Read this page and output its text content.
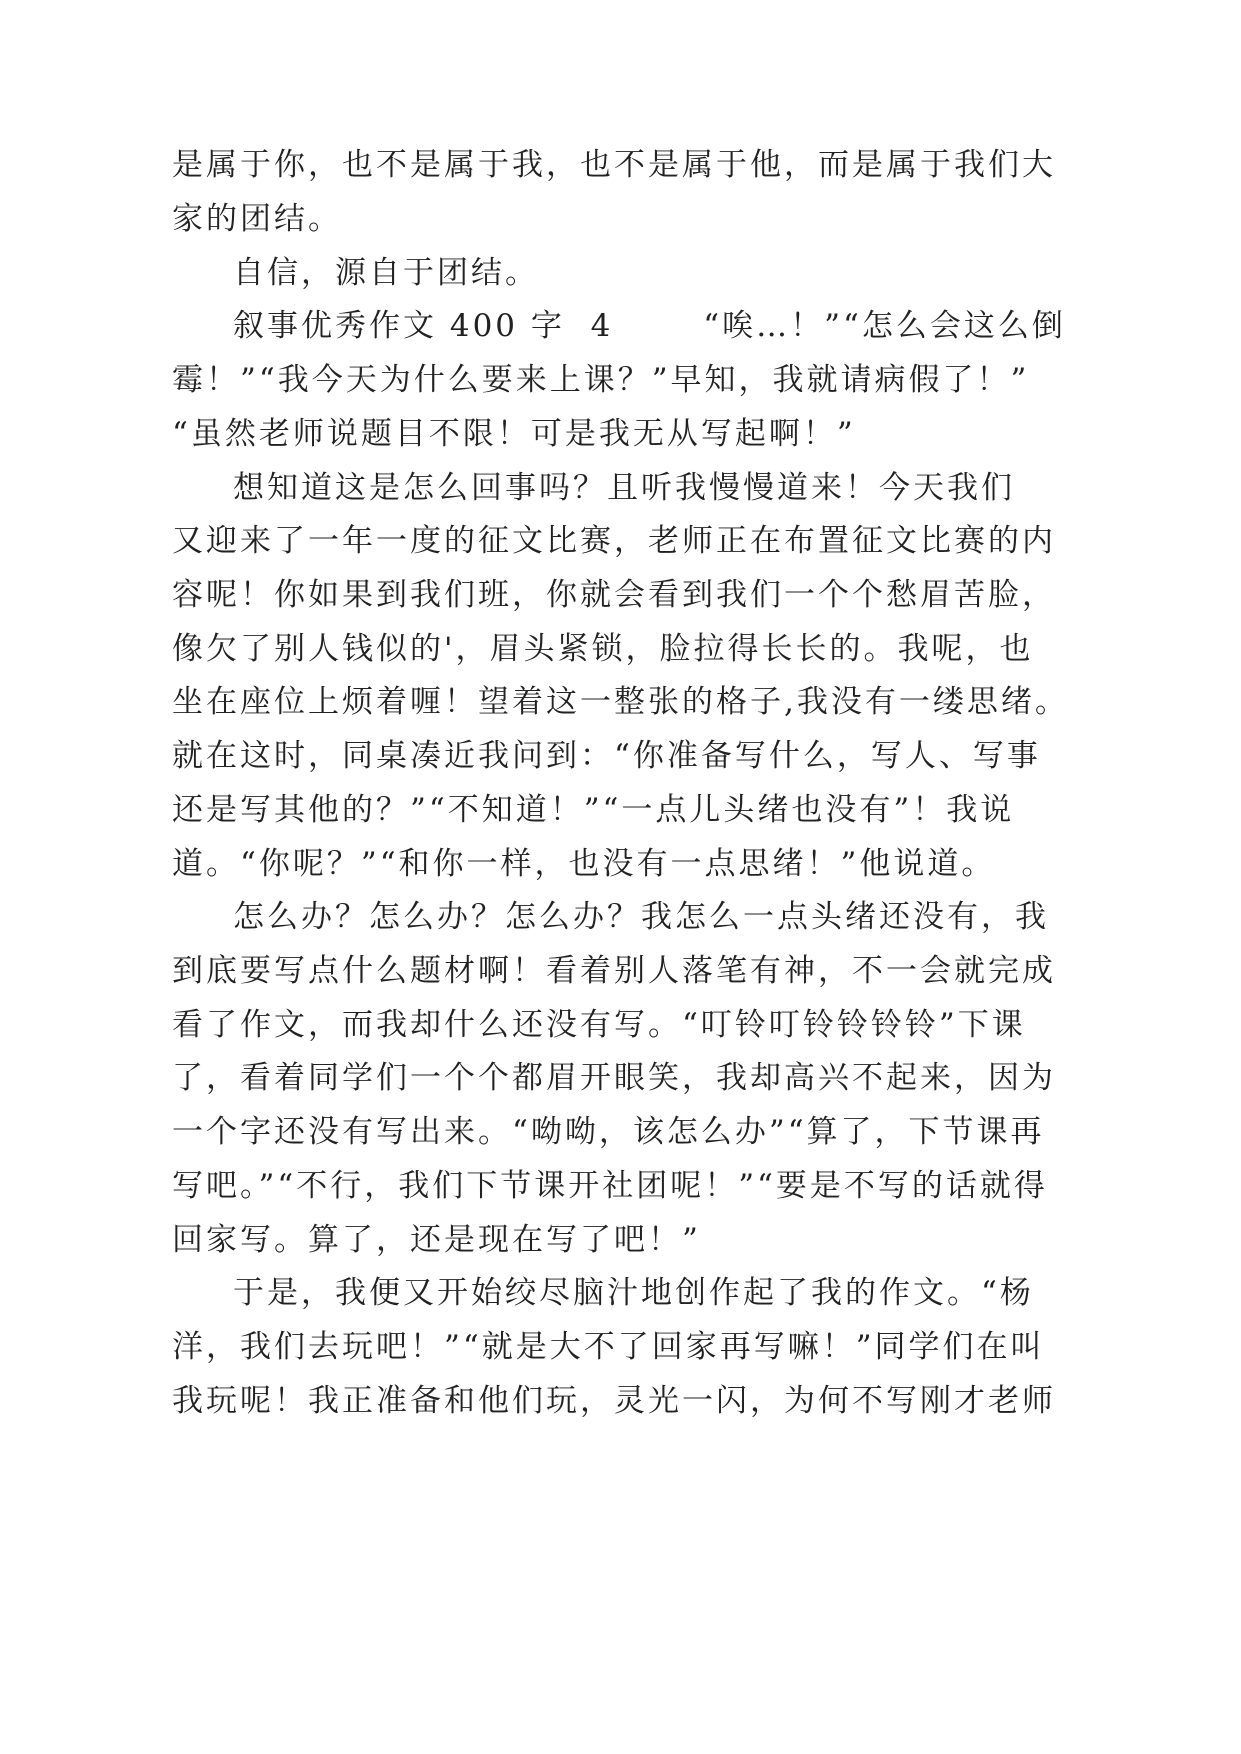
是属于你，也不是属于我，也不是属于他，而是属于我们大
家的团结。
自信，源自于团结。
叙事优秀作文 400 字  4       “唉…！”“怎么会这么倒
霉！”“我今天为什么要来上课？”早知，我就请病假了！”
“虽然老师说题目不限！可是我无从写起啊！”
想知道这是怎么回事吗？且听我慢慢道来！今天我们
又迎来了一年一度的征文比赛，老师正在布置征文比赛的内
容呢！你如果到我们班，你就会看到我们一个个愁眉苦脸，
像欠了别人钱似的'，眉头紧锁，脸拉得长长的。我呢，也
坐在座位上烦着喱！望着这一整张的格子,我没有一缕思绪。
就在这时，同桌凑近我问到：“你准备写什么，写人、写事
还是写其他的？”“不知道！”“一点儿头绪也没有”！我说
道。“你呢？”“和你一样，也没有一点思绪！”他说道。
怎么办？怎么办？怎么办？我怎么一点头绪还没有，我
到底要写点什么题材啊！看着别人落笔有神，不一会就完成
看了作文，而我却什么还没有写。“叮铃叮铃铃铃铃”下课
了，看着同学们一个个都眉开眼笑，我却高兴不起来，因为
一个字还没有写出来。“呦呦，该怎么办”“算了，下节课再
写吧。”“不行，我们下节课开社团呢！”“要是不写的话就得
回家写。算了，还是现在写了吧！”
于是，我便又开始绞尽脑汁地创作起了我的作文。“杨
洋，我们去玩吧！”“就是大不了回家再写嘛！”同学们在叫
我玩呢！我正准备和他们玩，灵光一闪，为何不写刚才老师
